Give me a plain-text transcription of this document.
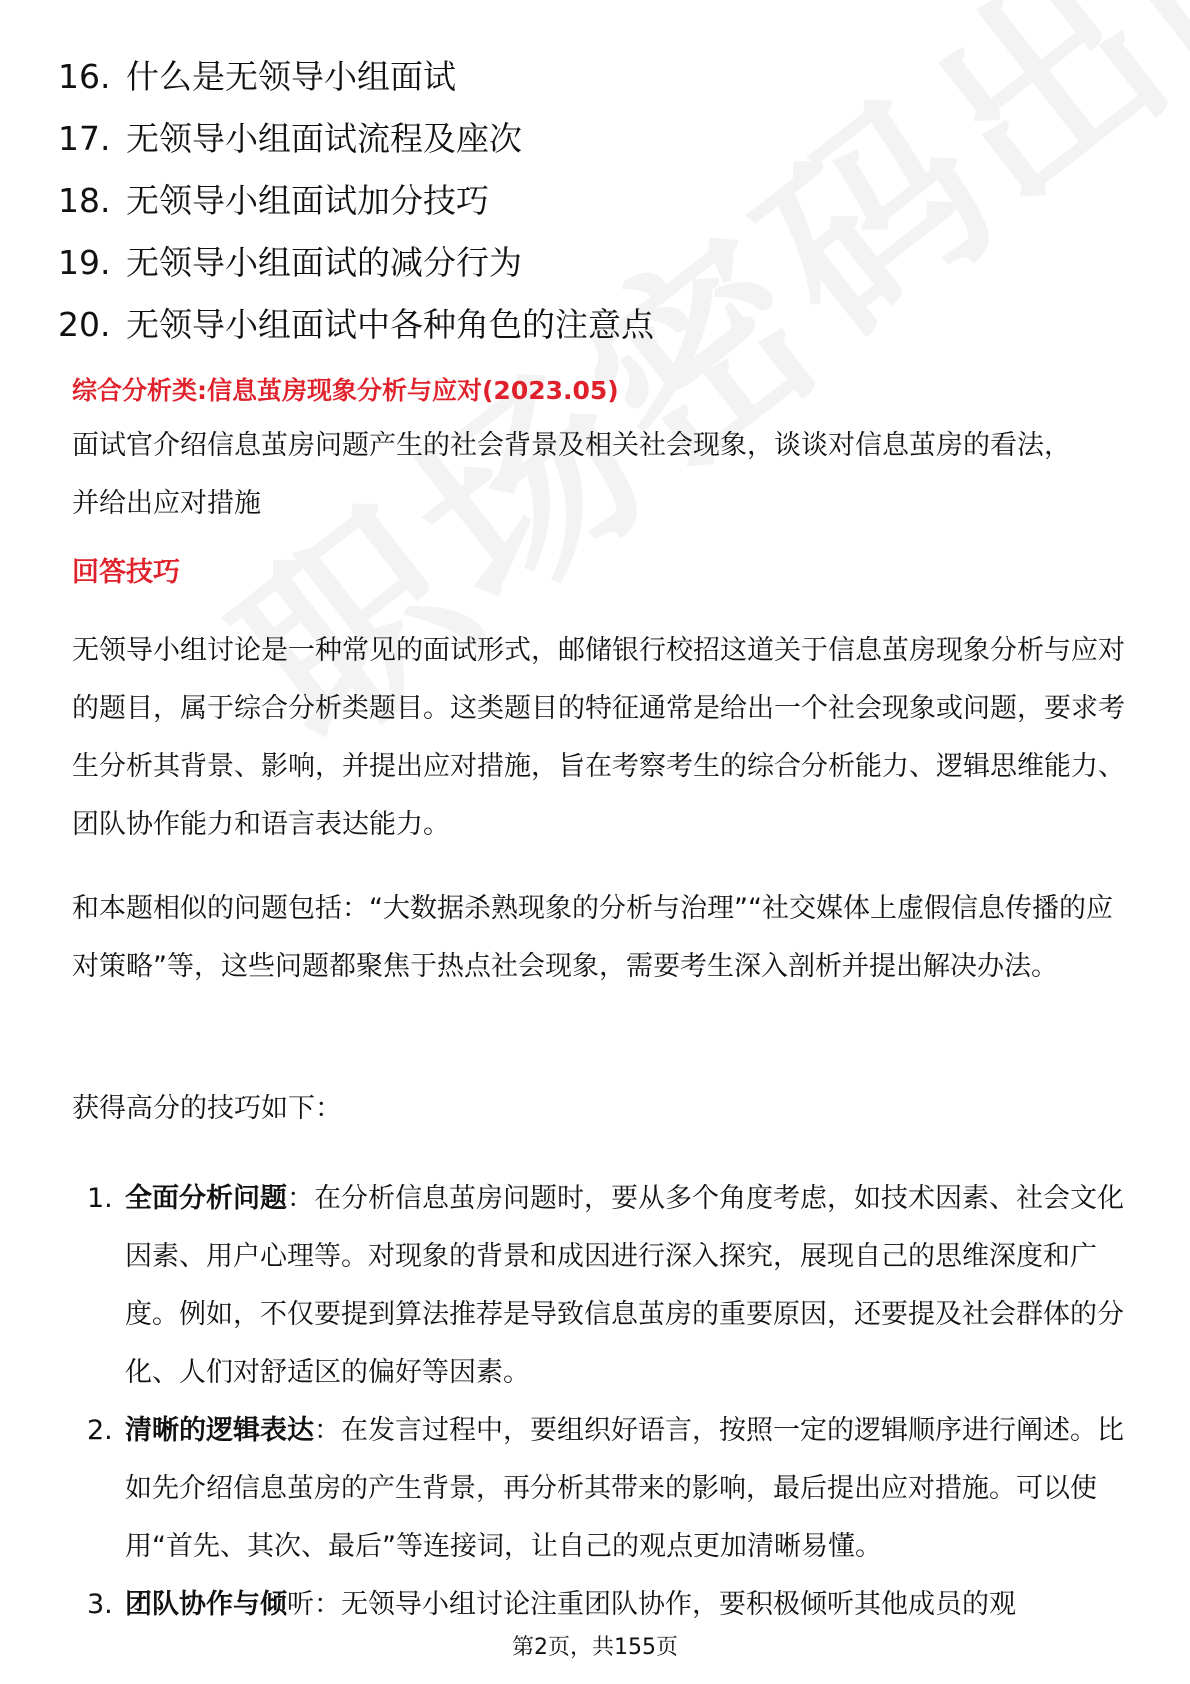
16. 什么是无领导小组面试
17. 无领导小组面试流程及座次
18. 无领导小组面试加分技巧
19. 无领导小组面试的减分行为
20. 无领导小组面试中各种角色的注意点
综合分析类:信息茧房现象分析与应对(2023.05)

面试官介绍信息茧房问题产生的社会背景及相关社会现象，谈谈对信息茧房的看法，并给出应对措施

回答技巧

无领导小组讨论是一种常见的面试形式，邮储银行校招这道关于信息茧房现象分析与应对的题目，属于综合分析类题目。这类题目的特征通常是给出一个社会现象或问题，要求考生分析其背景、影响，并提出应对措施，旨在考察考生的综合分析能力、逻辑思维能力、团队协作能力和语言表达能力。

和本题相似的问题包括：“大数据杀熟现象的分析与治理”“社交媒体上虚假信息传播的应对策略”等，这些问题都聚焦于热点社会现象，需要考生深入剖析并提出解决办法。

获得高分的技巧如下：

1. 全面分析问题：在分析信息茧房问题时，要从多个角度考虑，如技术因素、社会文化因素、用户心理等。对现象的背景和成因进行深入探究，展现自己的思维深度和广度。例如，不仅要提到算法推荐是导致信息茧房的重要原因，还要提及社会群体的分化、人们对舒适区的偏好等因素。
2. 清晰的逻辑表达：在发言过程中，要组织好语言，按照一定的逻辑顺序进行阐述。比如先介绍信息茧房的产生背景，再分析其带来的影响，最后提出应对措施。可以使用“首先、其次、最后”等连接词，让自己的观点更加清晰易懂。
3. 团队协作与倾听：无领导小组讨论注重团队协作，要积极倾听其他成员的观
第2页，共155页
